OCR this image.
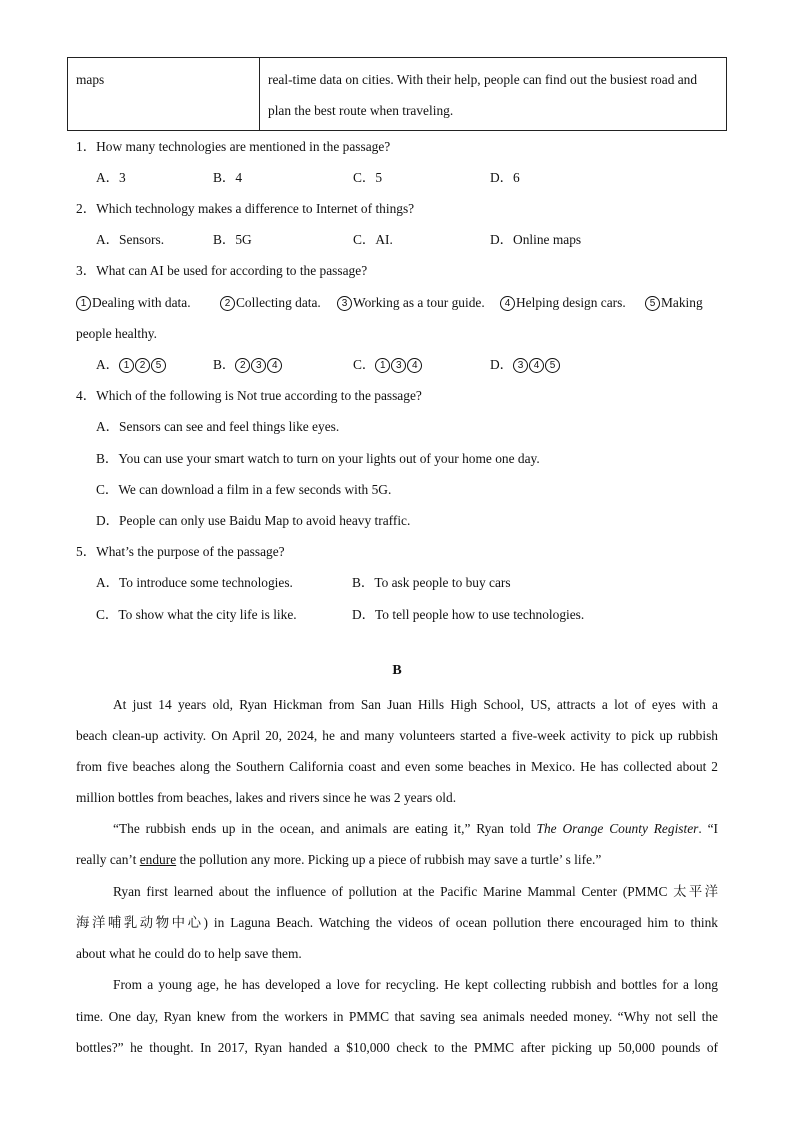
maps	real-time data on cities. With their help, people can find out the busiest road and
plan the best route when traveling.
1．How many technologies are mentioned in the passage?
A．3	B．4	C．5	D．6
2．Which technology makes a difference to Internet of things?
A．Sensors.	B．5G	C．AI.	D．Online maps
3．What can AI be used for according to the passage?
1 Dealing with data.	2 Collecting data.	3 Working as a tour guide.	4 Helping design cars.	5 Making
people healthy.
A． 1 2 5	B． 2 3 4	C． 1 3 4	D． 3 4 5
4．Which of the following is Not true according to the passage?
A．Sensors can see and feel things like eyes.
B．You can use your smart watch to turn on your lights out of your home one day.
C．We can download a film in a few seconds with 5G.
D．People can only use Baidu Map to avoid heavy traffic.
5．What’s the purpose of the passage?
A．To introduce some technologies.	B．To ask people to buy cars
C．To show what the city life is like.	D．To tell people how to use technologies.
B
At just 14 years old, Ryan Hickman from San Juan Hills High School, US, attracts a lot of eyes with a
beach clean-up activity. On April 20, 2024, he and many volunteers started a five-week activity to pick up rubbish
from five beaches along the Southern California coast and even some beaches in Mexico. He has collected about 2
million bottles from beaches, lakes and rivers since he was 2 years old.
“The rubbish ends up in the ocean, and animals are eating it,” Ryan told The Orange County Register. “I
really can’t endure the pollution any more. Picking up a piece of rubbish may save a turtle’ s life.”
Ryan first learned about the influence of pollution at the Pacific Marine Mammal Center (PMMC 太平洋
海洋哺乳动物中心) in Laguna Beach. Watching the videos of ocean pollution there encouraged him to think
about what he could do to help save them.
From a young age, he has developed a love for recycling. He kept collecting rubbish and bottles for a long
time. One day, Ryan knew from the workers in PMMC that saving sea animals needed money. “Why not sell the
bottles?” he thought. In 2017, Ryan handed a $10,000 check to the PMMC after picking up 50,000 pounds of
